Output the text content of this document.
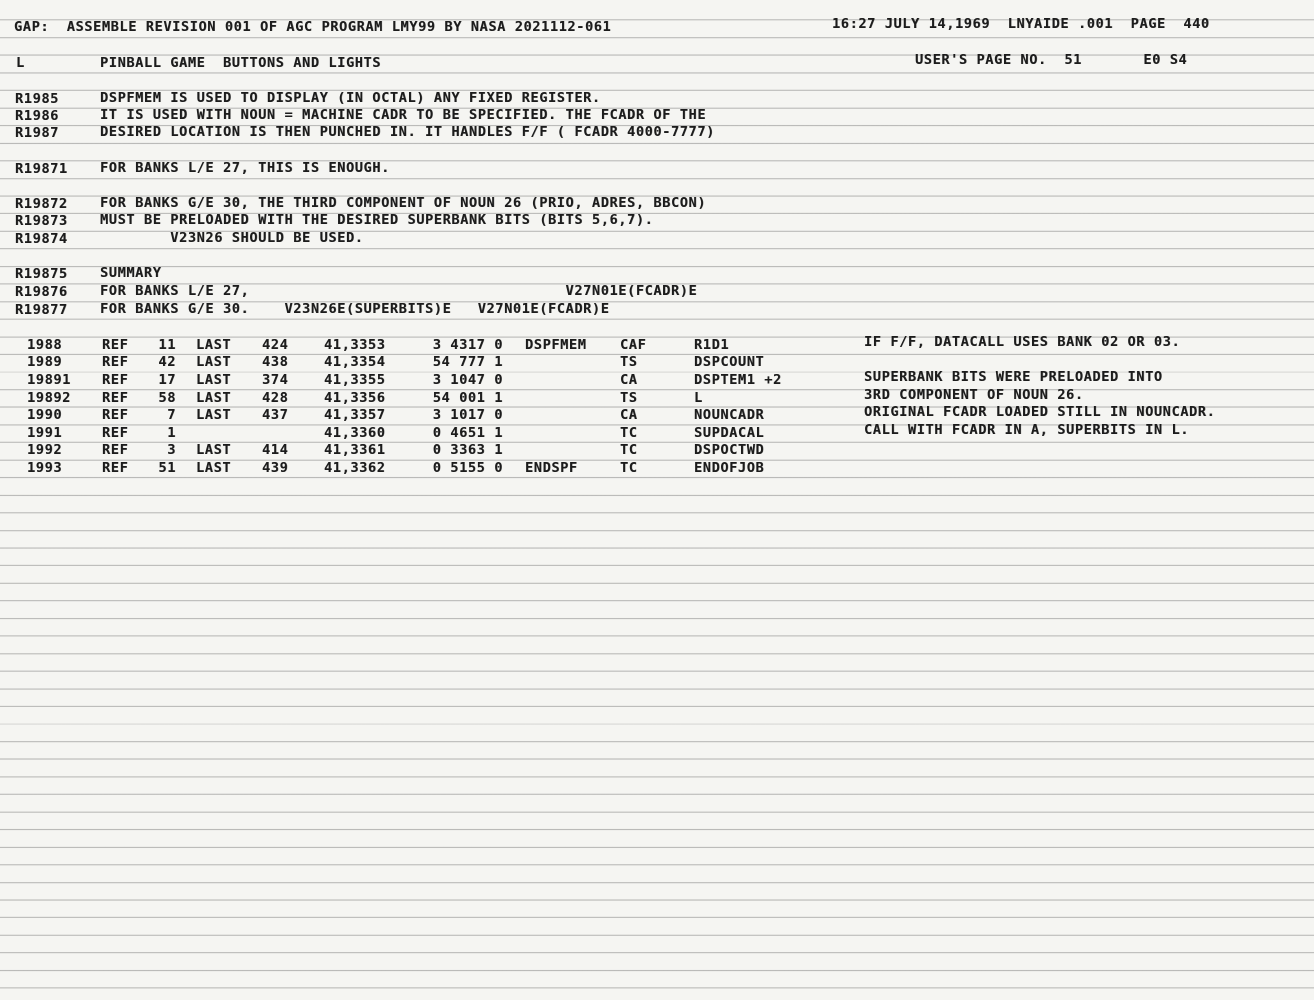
GAP:  ASSEMBLE REVISION 001 OF AGC PROGRAM LMY99 BY NASA 2021112-061	16:27 JULY 14,1969  LNYAIDE .001  PAGE  440
L	PINBALL GAME  BUTTONS AND LIGHTS	USER'S PAGE NO.  51       E0 S4
R1985	DSPFMEM IS USED TO DISPLAY (IN OCTAL) ANY FIXED REGISTER.
R1986	IT IS USED WITH NOUN = MACHINE CADR TO BE SPECIFIED. THE FCADR OF THE
R1987	DESIRED LOCATION IS THEN PUNCHED IN. IT HANDLES F/F ( FCADR 4000-7777)
R19871 FOR BANKS L/E 27, THIS IS ENOUGH.
R19872 FOR BANKS G/E 30, THE THIRD COMPONENT OF NOUN 26 (PRIO, ADRES, BBCON)
R19873 MUST BE PRELOADED WITH THE DESIRED SUPERBANK BITS (BITS 5,6,7).
R19874 V23N26 SHOULD BE USED.
R19875 SUMMARY
R19876 FOR BANKS L/E 27,                                    V27N01E(FCADR)E
R19877 FOR BANKS G/E 30.    V23N26E(SUPERBITS)E   V27N01E(FCADR)E
1988	REF 11 LAST 424	41,3353	3 4317 0 DSPFMEM CAF	R1D1	IF F/F, DATACALL USES BANK 02 OR 03.
1989	REF 42 LAST 438	41,3354	54 777 1	TS	DSPCOUNT
19891 REF 17 LAST 374	41,3355	3 1047 0	CA	DSPTEM1 +2	SUPERBANK BITS WERE PRELOADED INTO
19892 REF 58 LAST 428	41,3356	54 001 1	TS	L	3RD COMPONENT OF NOUN 26.
1990	REF	7 LAST 437	41,3357	3 1017 0	CA	NOUNCADR	ORIGINAL FCADR LOADED STILL IN NOUNCADR.
1991	REF	1	41,3360	0 4651 1	TC	SUPDACAL	CALL WITH FCADR IN A, SUPERBITS IN L.
1992	REF	3 LAST 414	41,3361	0 3363 1	TC	DSPOCTWD
1993	REF 51 LAST 439	41,3362	0 5155 0 ENDSPF	TC	ENDOFJOB
